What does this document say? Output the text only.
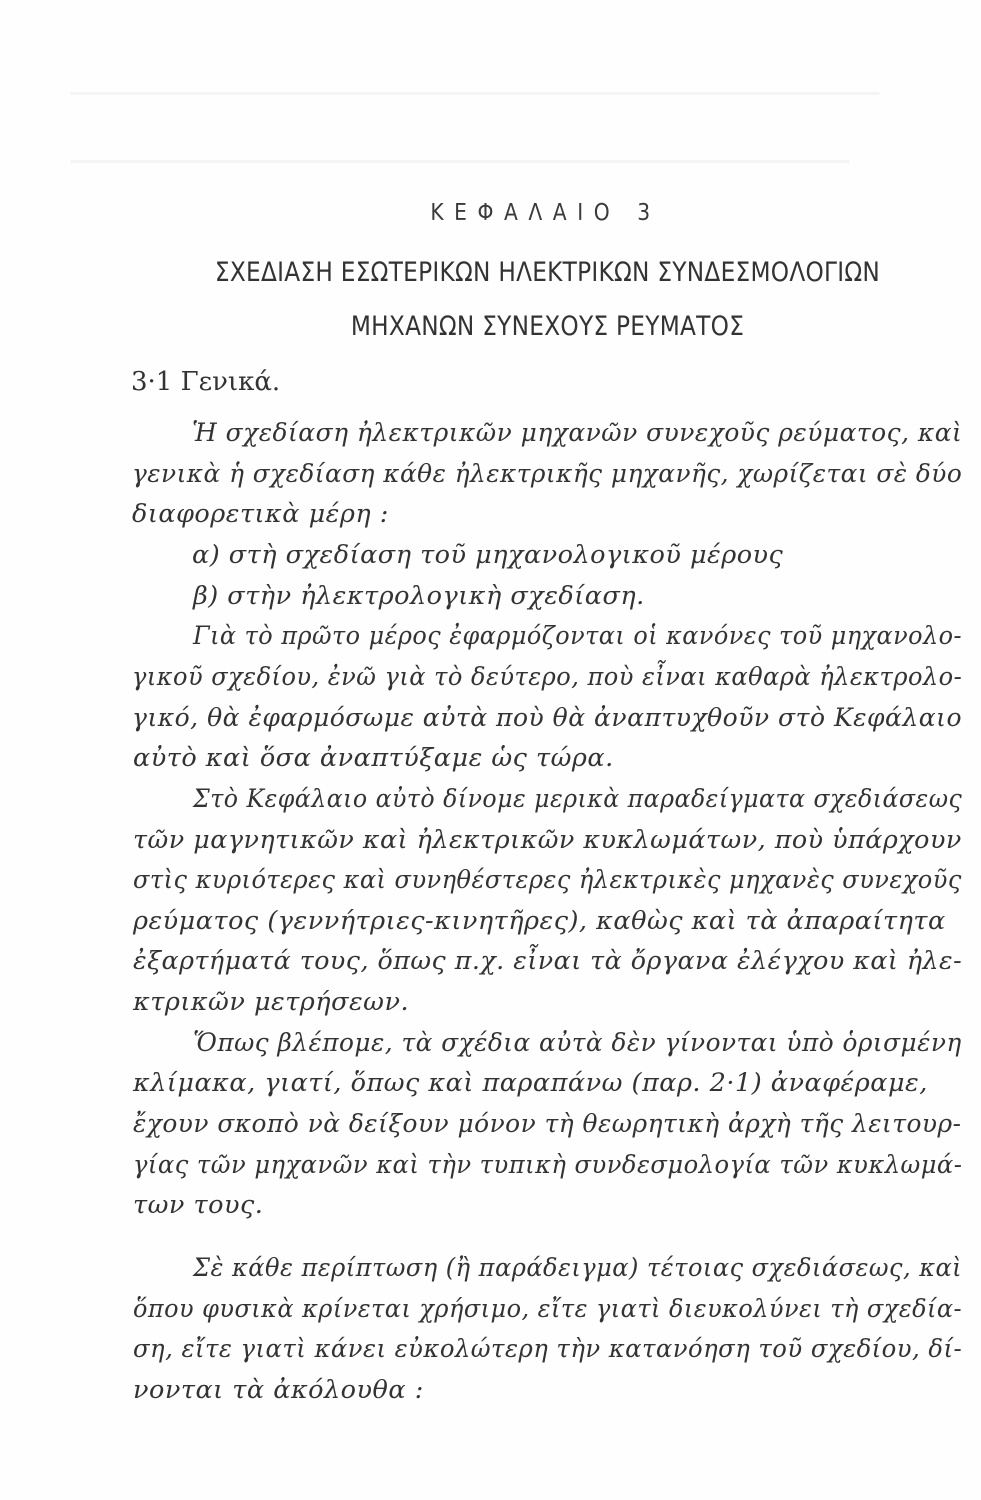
ΚΕΦΑΛΑΙΟ 3
ΣΧΕΔΙΑΣΗ ΕΣΩΤΕΡΙΚΩΝ ΗΛΕΚΤΡΙΚΩΝ ΣΥΝΔΕΣΜΟΛΟΓΙΩΝ
ΜΗΧΑΝΩΝ ΣΥΝΕΧΟΥΣ ΡΕΥΜΑΤΟΣ
3·1 Γενικά.
Ἡ σχεδίαση ἠλεκτρικῶν μηχανῶν συνεχοῦς ρεύματος, καὶ
γενικὰ ἡ σχεδίαση κάθε ἠλεκτρικῆς μηχανῆς, χωρίζεται σὲ δύο
διαφορετικὰ μέρη :
α) στὴ σχεδίαση τοῦ μηχανολογικοῦ μέρους
β) στὴν ἠλεκτρολογικὴ σχεδίαση.
Γιὰ τὸ πρῶτο μέρος ἐφαρμόζονται οἱ κανόνες τοῦ μηχανολο-
γικοῦ σχεδίου, ἐνῶ γιὰ τὸ δεύτερο, ποὺ εἶναι καθαρὰ ἠλεκτρολο-
γικό, θὰ ἐφαρμόσωμε αὐτὰ ποὺ θὰ ἀναπτυχθοῦν στὸ Κεφάλαιο
αὐτὸ καὶ ὅσα ἀναπτύξαμε ὡς τώρα.
Στὸ Κεφάλαιο αὐτὸ δίνομε μερικὰ παραδείγματα σχεδιάσεως
τῶν μαγνητικῶν καὶ ἠλεκτρικῶν κυκλωμάτων, ποὺ ὑπάρχουν
στὶς κυριότερες καὶ συνηθέστερες ἠλεκτρικὲς μηχανὲς συνεχοῦς
ρεύματος (γεννήτριες-κινητῆρες), καθὼς καὶ τὰ ἀπαραίτητα
ἐξαρτήματά τους, ὅπως π.χ. εἶναι τὰ ὄργανα ἐλέγχου καὶ ἠλε-
κτρικῶν μετρήσεων.
Ὅπως βλέπομε, τὰ σχέδια αὐτὰ δὲν γίνονται ὑπὸ ὁρισμένη
κλίμακα, γιατί, ὅπως καὶ παραπάνω (παρ. 2·1) ἀναφέραμε,
ἔχουν σκοπὸ νὰ δείξουν μόνον τὴ θεωρητικὴ ἀρχὴ τῆς λειτουρ-
γίας τῶν μηχανῶν καὶ τὴν τυπικὴ συνδεσμολογία τῶν κυκλωμά-
των τους.
Σὲ κάθε περίπτωση (ἢ παράδειγμα) τέτοιας σχεδιάσεως, καὶ
ὅπου φυσικὰ κρίνεται χρήσιμο, εἴτε γιατὶ διευκολύνει τὴ σχεδία-
ση, εἴτε γιατὶ κάνει εὐκολώτερη τὴν κατανόηση τοῦ σχεδίου, δί-
νονται τὰ ἀκόλουθα :
